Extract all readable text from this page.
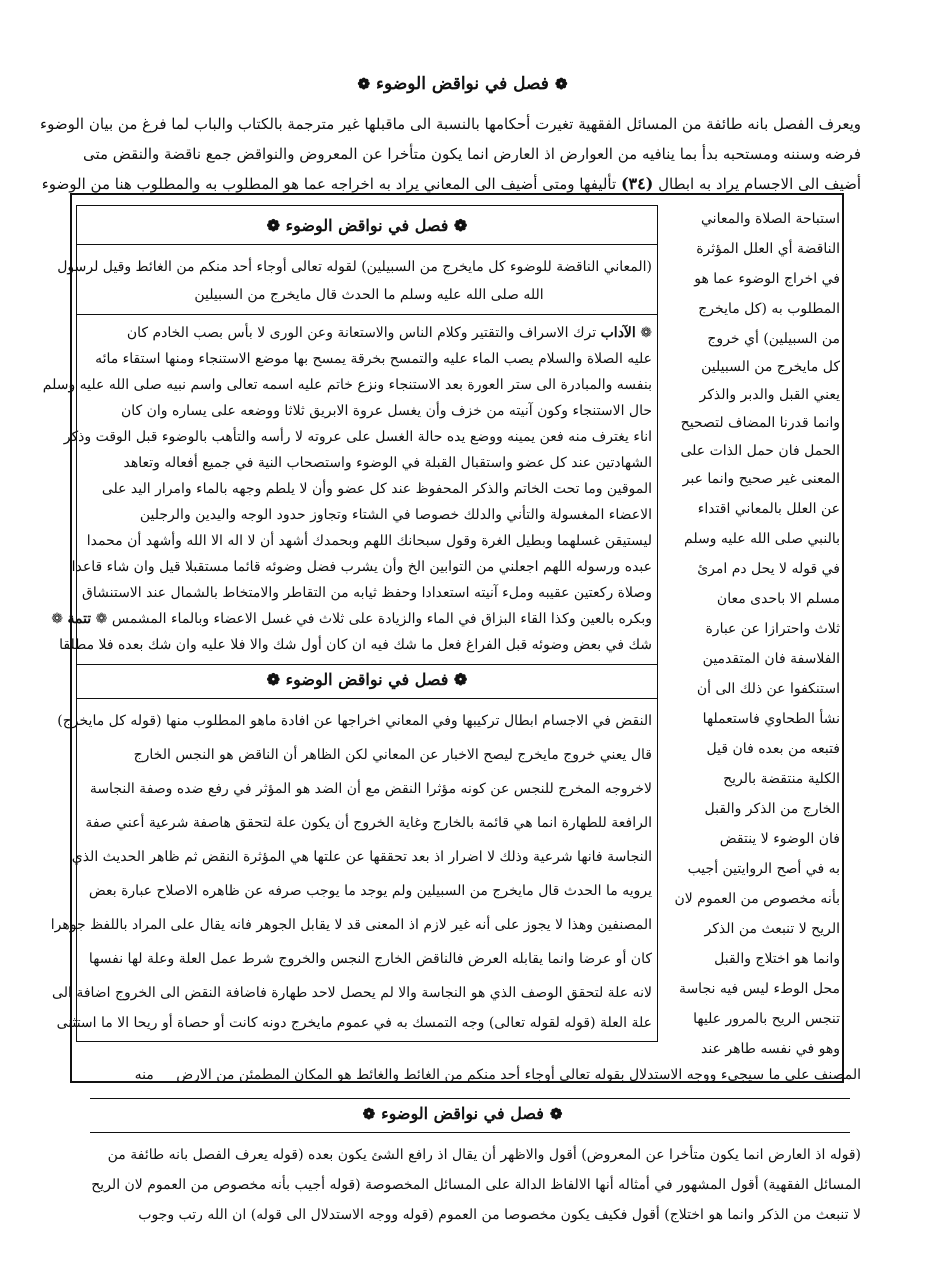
❁فصل في نواقض الوضوء❁
ويعرف الفصل بانه طائفة من المسائل الفقهية تغيرت أحكامها بالنسبة الى ماقبلها غير مترجمة بالكتاب والباب لما فرغ من بيان الوضوء
فرضه وسننه ومستحبه بدأ بما ينافيه من العوارض اذ العارض انما يكون متأخرا عن المعروض والنواقض جمع ناقضة والنقض متى
أضيف الى الاجسام يراد به ابطال (٣٤) تأليفها ومتى أضيف الى المعاني يراد به اخراجه عما هو المطلوب به والمطلوب هنا من الوضوء
❁ فصل في نواقض الوضوء ❁
(المعاني الناقضة للوضوء كل مايخرج من السبيلين) لقوله تعالى أوجاء أحد منكم من الغائط وقيل لرسول
الله صلى الله عليه وسلم ما الحدث قال مايخرج من السبيلين
❁ الآداب ترك الاسراف والتقتير وكلام الناس والاستعانة وعن الورى لا بأس بصب الخادم كان
عليه الصلاة والسلام يصب الماء عليه والتمسح بخرقة يمسح بها موضع الاستنجاء ومنها استقاء مائه
بنفسه والمبادرة الى ستر العورة بعد الاستنجاء ونزع خاتم عليه اسمه تعالى واسم نبيه صلى الله عليه وسلم
حال الاستنجاء وكون آنيته من خزف وأن يغسل عروة الابريق ثلاثا ووضعه على يساره وان كان
اناء يغترف منه فعن يمينه ووضع يده حالة الغسل على عروته لا رأسه والتأهب بالوضوء قبل الوقت وذكر
الشهادتين عند كل عضو واستقبال القبلة في الوضوء واستصحاب النية في جميع أفعاله وتعاهد
الموقين وما تحت الخاتم والذكر المحفوظ عند كل عضو وأن لا يلطم وجهه بالماء وامرار اليد على
الاعضاء المغسولة والتأني والدلك خصوصا في الشتاء وتجاوز حدود الوجه واليدين والرجلين
ليستيقن غسلهما وبطيل الغرة وقول سبحانك اللهم وبحمدك أشهد أن لا اله الا الله وأشهد أن محمدا
عبده ورسوله اللهم اجعلني من التوابين الخ وأن يشرب فضل وضوئه قائما مستقبلا قيل وان شاء قاعدا
وصلاة ركعتين عقيبه وملء آنيته استعدادا وحفظ ثيابه من التقاطر والامتخاط بالشمال عند الاستنشاق
وبكره بالعين وكذا القاء البزاق في الماء والزيادة على ثلاث في غسل الاعضاء وبالماء المشمس ❁ تتمة ❁
شك في بعض وضوئه قبل الفراغ فعل ما شك فيه ان كان أول شك والا فلا عليه وان شك بعده فلا مطلقا
❁ فصل في نواقض الوضوء ❁
النقض في الاجسام ابطال تركيبها وفي المعاني اخراجها عن افادة ماهو المطلوب منها (قوله كل مايخرج)
قال يعني خروج مايخرج ليصح الاخبار عن المعاني لكن الظاهر أن الناقض هو النجس الخارج
لاخروجه المخرج للنجس عن كونه مؤثرا النقض مع أن الضد هو المؤثر في رفع ضده وصفة النجاسة
الرافعة للطهارة انما هي قائمة بالخارج وغاية الخروج أن يكون علة لتحقق هاصفة شرعية أعني صفة
النجاسة فانها شرعية وذلك لا اضرار اذ بعد تحققها عن علتها هي المؤثرة النقض ثم ظاهر الحديث الذي
يرويه ما الحدث قال مايخرج من السبيلين ولم يوجد ما يوجب صرفه عن ظاهره الاصلاح عبارة بعض
المصنفين وهذا لا يجوز على أنه غير لازم اذ المعنى قد لا يقابل الجوهر فانه يقال على المراد باللفظ جوهرا
كان أو عرضا وانما يقابله العرض فالناقض الخارج النجس والخروج شرط عمل العلة وعلة لها نفسها
لانه علة لتحقق الوصف الذي هو النجاسة والا لم يحصل لاحد طهارة فاضافة النقض الى الخروج اضافة الى
علة العلة (قوله لقوله تعالى) وجه التمسك به في عموم مايخرج دونه كانت أو حصاة أو ريحا الا ما استثنى
استباحة الصلاة والمعاني
الناقضة أي العلل المؤثرة
في اخراج الوضوء عما هو
المطلوب به (كل مايخرج
من السبيلين) أي خروج
كل مايخرج من السبيلين
يعني القبل والدبر والذكر
وانما قدرنا المضاف لتصحيح
الحمل فان حمل الذات على
المعنى غير صحيح وانما عبر
عن العلل بالمعاني اقتداء
بالنبي صلى الله عليه وسلم
في قوله لا يحل دم امرئ
مسلم الا باحدى معان
ثلاث واحترازا عن عبارة
الفلاسفة فان المتقدمين
استنكفوا عن ذلك الى أن
نشأ الطحاوي فاستعملها
فتبعه من بعده فان قيل
الكلية منتقضة بالريح
الخارج من الذكر والقبل
فان الوضوء لا ينتقض
به في أصح الروايتين أجيب
بأنه مخصوص من العموم لان
الريح لا تنبعث من الذكر
وانما هو اختلاج والقبل
محل الوطء ليس فيه نجاسة
تنجس الريح بالمرور عليها
وهو في نفسه طاهر عند
المصنف على ما سيجيء ووجه الاستدلال بقوله تعالى أوجاء أحد منكم من الغائط والغائط هو المكان المطمئن من الارض منه
❁فصل في نواقض الوضوء❁
(قوله اذ العارض انما يكون متأخرا عن المعروض) أقول والاظهر أن يقال اذ رافع الشئ يكون بعده (قوله يعرف الفصل بانه طائفة من
المسائل الفقهية) أقول المشهور في أمثاله أنها الالفاظ الدالة على المسائل المخصوصة (قوله أجيب بأنه مخصوص من العموم لان الريح
لا تنبعث من الذكر وانما هو اختلاج) أقول فكيف يكون مخصوصا من العموم (قوله ووجه الاستدلال الى قوله) ان الله رتب وجوب
